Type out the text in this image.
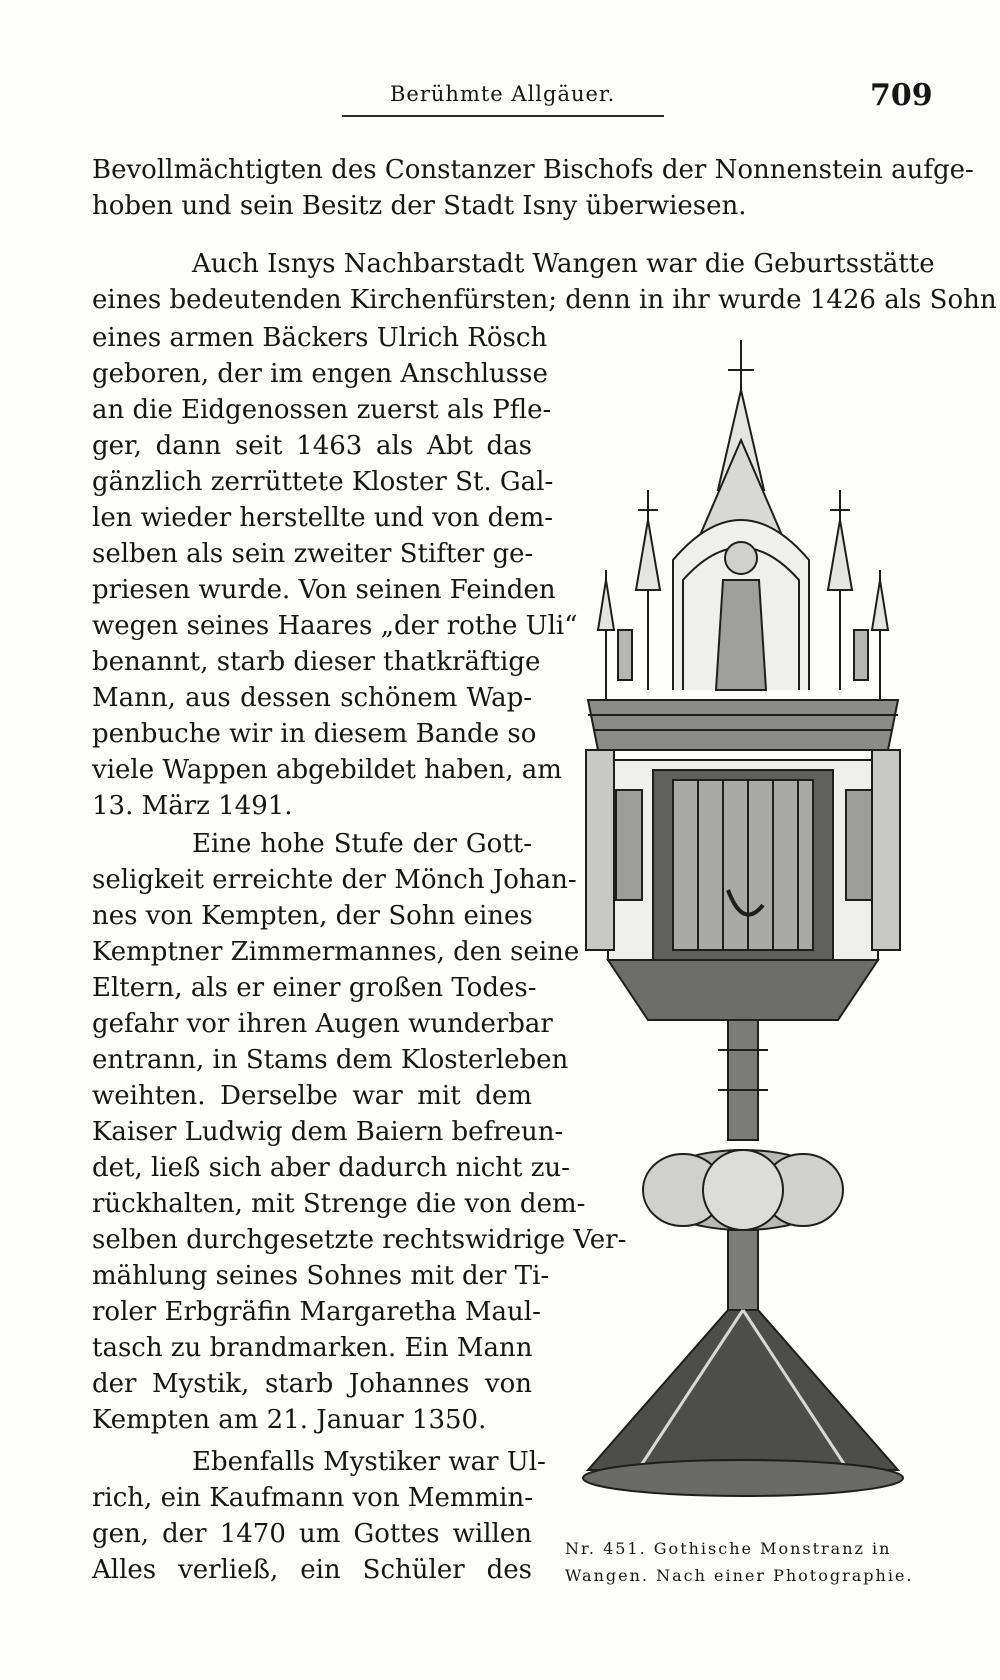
Berühmte Allgäuer.	709
Bevollmächtigten des Constanzer Bischofs der Nonnenstein aufge-
hoben und sein Besitz der Stadt Isny überwiesen.
Auch Isnys Nachbarstadt Wangen war die Geburtsstätte
eines bedeutenden Kirchenfürsten; denn in ihr wurde 1426 als Sohn
eines armen Bäckers Ulrich Rösch
geboren, der im engen Anschlusse
an die Eidgenossen zuerst als Pfle-
ger, dann seit 1463 als Abt das
gänzlich zerrüttete Kloster St. Gal-
len wieder herstellte und von dem-
selben als sein zweiter Stifter ge-
priesen wurde. Von seinen Feinden
wegen seines Haares „der rothe Uli“
benannt, starb dieser thatkräftige
Mann, aus dessen schönem Wap-
penbuche wir in diesem Bande so
viele Wappen abgebildet haben, am
13. März 1491.
Eine hohe Stufe der Gott-
seligkeit erreichte der Mönch Johan-
nes von Kempten, der Sohn eines
Kemptner Zimmermannes, den seine
Eltern, als er einer großen Todes-
gefahr vor ihren Augen wunderbar
entrann, in Stams dem Klosterleben
weihten. Derselbe war mit dem
Kaiser Ludwig dem Baiern befreun-
det, ließ sich aber dadurch nicht zu-
rückhalten, mit Strenge die von dem-
selben durchgesetzte rechtswidrige Ver-
mählung seines Sohnes mit der Ti-
roler Erbgräfin Margaretha Maul-
tasch zu brandmarken. Ein Mann
der Mystik, starb Johannes von
Kempten am 21. Januar 1350.
Ebenfalls Mystiker war Ul-
rich, ein Kaufmann von Memmin-
gen, der 1470 um Gottes willen
Alles verließ, ein Schüler des
Nr. 451. Gothische Monstranz in
Wangen. Nach einer Photographie.
